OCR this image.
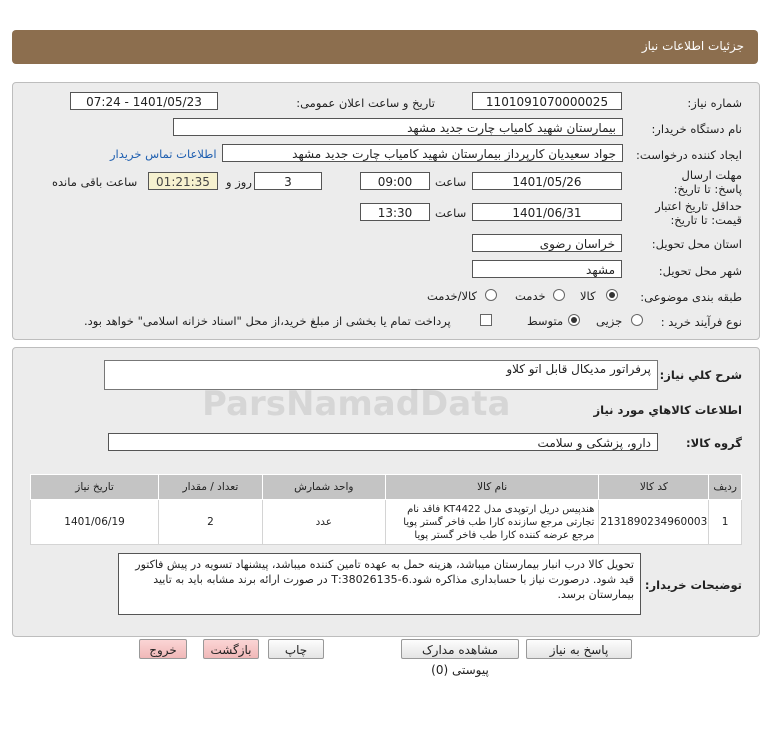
جزئیات اطلاعات نیاز
شماره نیاز:
1101091070000025
تاریخ و ساعت اعلان عمومی:
1401/05/23 - 07:24
نام دستگاه خریدار:
بیمارستان شهید کامیاب چارت جدید مشهد
ایجاد کننده درخواست:
جواد سعیدیان کارپرداز بیمارستان شهید کامیاب چارت جدید مشهد
اطلاعات تماس خریدار
مهلت ارسال پاسخ: تا تاریخ:
1401/05/26
ساعت
09:00
3
روز و
01:21:35
ساعت باقی مانده
حداقل تاریخ اعتبار قیمت: تا تاریخ:
1401/06/31
ساعت
13:30
استان محل تحویل:
خراسان رضوی
شهر محل تحویل:
مشهد
طبقه بندی موضوعی:
کالا
خدمت
کالا/خدمت
نوع فرآیند خرید :
جزیی
متوسط
پرداخت تمام یا بخشی از مبلغ خرید،از محل "اسناد خزانه اسلامی" خواهد بود.
شرح کلي نياز:
پرفراتور مدیکال قابل اتو کلاو
اطلاعات کالاهاي مورد نياز
گروه کالا:
دارو، پزشکی و سلامت
ردیف	کد کالا	نام کالا	واحد شمارش	تعداد / مقدار	تاریخ نیاز
1	2131890234960003	هندپیس دریل ارتوپدی مدل KT4422 فاقد نام تجارتی مرجع سازنده کارا طب فاخر گستر پویا مرجع عرضه کننده کارا طب فاخر گستر پویا	عدد	2	1401/06/19
توضیحات خریدار:
تحویل کالا درب انبار بیمارستان میباشد، هزینه حمل به عهده تامین کننده میباشد، پیشنهاد تسویه در پیش فاکتور قید شود. درصورت نیاز با حسابداری مذاکره شود.6-38026135:T در صورت ارائه برند مشابه باید به تایید بیمارستان برسد.
پاسخ به نیاز
مشاهده مدارک پیوستی (0)
چاپ
بازگشت
خروج
